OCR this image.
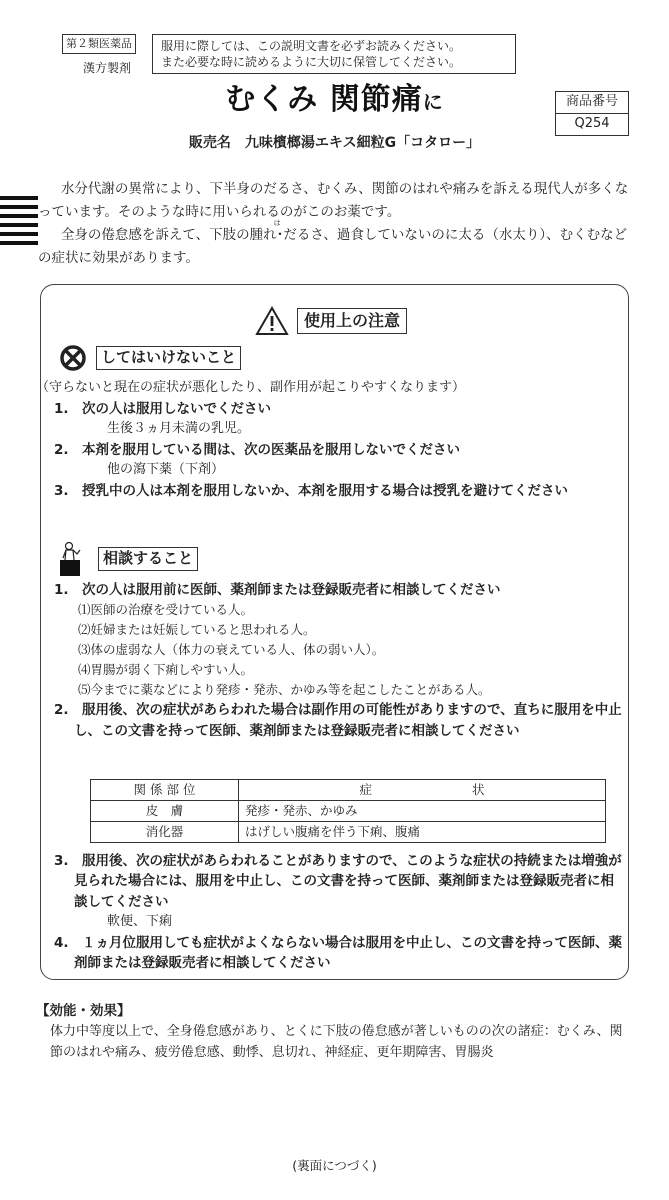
第２類医薬品
漢方製剤
服用に際しては、この説明文書を必ずお読みください。
また必要な時に読めるように大切に保管してください。
むくみ 関節痛に	商品番号
Q254
販売名 九味檳榔湯エキス細粒G「コタロー」

水分代謝の異常により、下半身のだるさ、むくみ、関節のはれや痛みを訴える現代人が多くなっています。そのような時に用いられるのがこのお薬です。

全身の倦怠感を訴えて、下肢の腫
は
れ･だるさ、過食していないのに太る（水太り）、むくむなどの症状に効果があります。

使用上の注意
してはいけないこと
（守らないと現在の症状が悪化したり、副作用が起こりやすくなります）
1.　次の人は服用しないでください
生後３ヵ月未満の乳児。
2.　本剤を服用している間は、次の医薬品を服用しないでください
他の瀉下薬（下剤）
3.　授乳中の人は本剤を服用しないか、本剤を服用する場合は授乳を避けてください
相談すること
1.　次の人は服用前に医師、薬剤師または登録販売者に相談してください
⑴医師の治療を受けている人。
⑵妊婦または妊娠していると思われる人。
⑶体の虚弱な人（体力の衰えている人、体の弱い人）。
⑷胃腸が弱く下痢しやすい人。
⑸今までに薬などにより発疹・発赤、かゆみ等を起こしたことがある人。
2.　服用後、次の症状があらわれた場合は副作用の可能性がありますので、直ちに服用を中止し、この文書を持って医師、薬剤師または登録販売者に相談してください
関 係 部 位	症　　　　　　　　状
皮　膚	発疹・発赤、かゆみ
消化器	はげしい腹痛を伴う下痢、腹痛
3.　服用後、次の症状があらわれることがありますので、このような症状の持続または増強が見られた場合には、服用を中止し、この文書を持って医師、薬剤師または登録販売者に相談してください
軟便、下痢
4.　１ヵ月位服用しても症状がよくならない場合は服用を中止し、この文書を持って医師、薬剤師または登録販売者に相談してください
【効能・効果】
体力中等度以上で、全身倦怠感があり、とくに下肢の倦怠感が著しいものの次の諸症：むくみ、関節のはれや痛み、疲労倦怠感、動悸、息切れ、神経症、更年期障害、胃腸炎
(裏面につづく)
